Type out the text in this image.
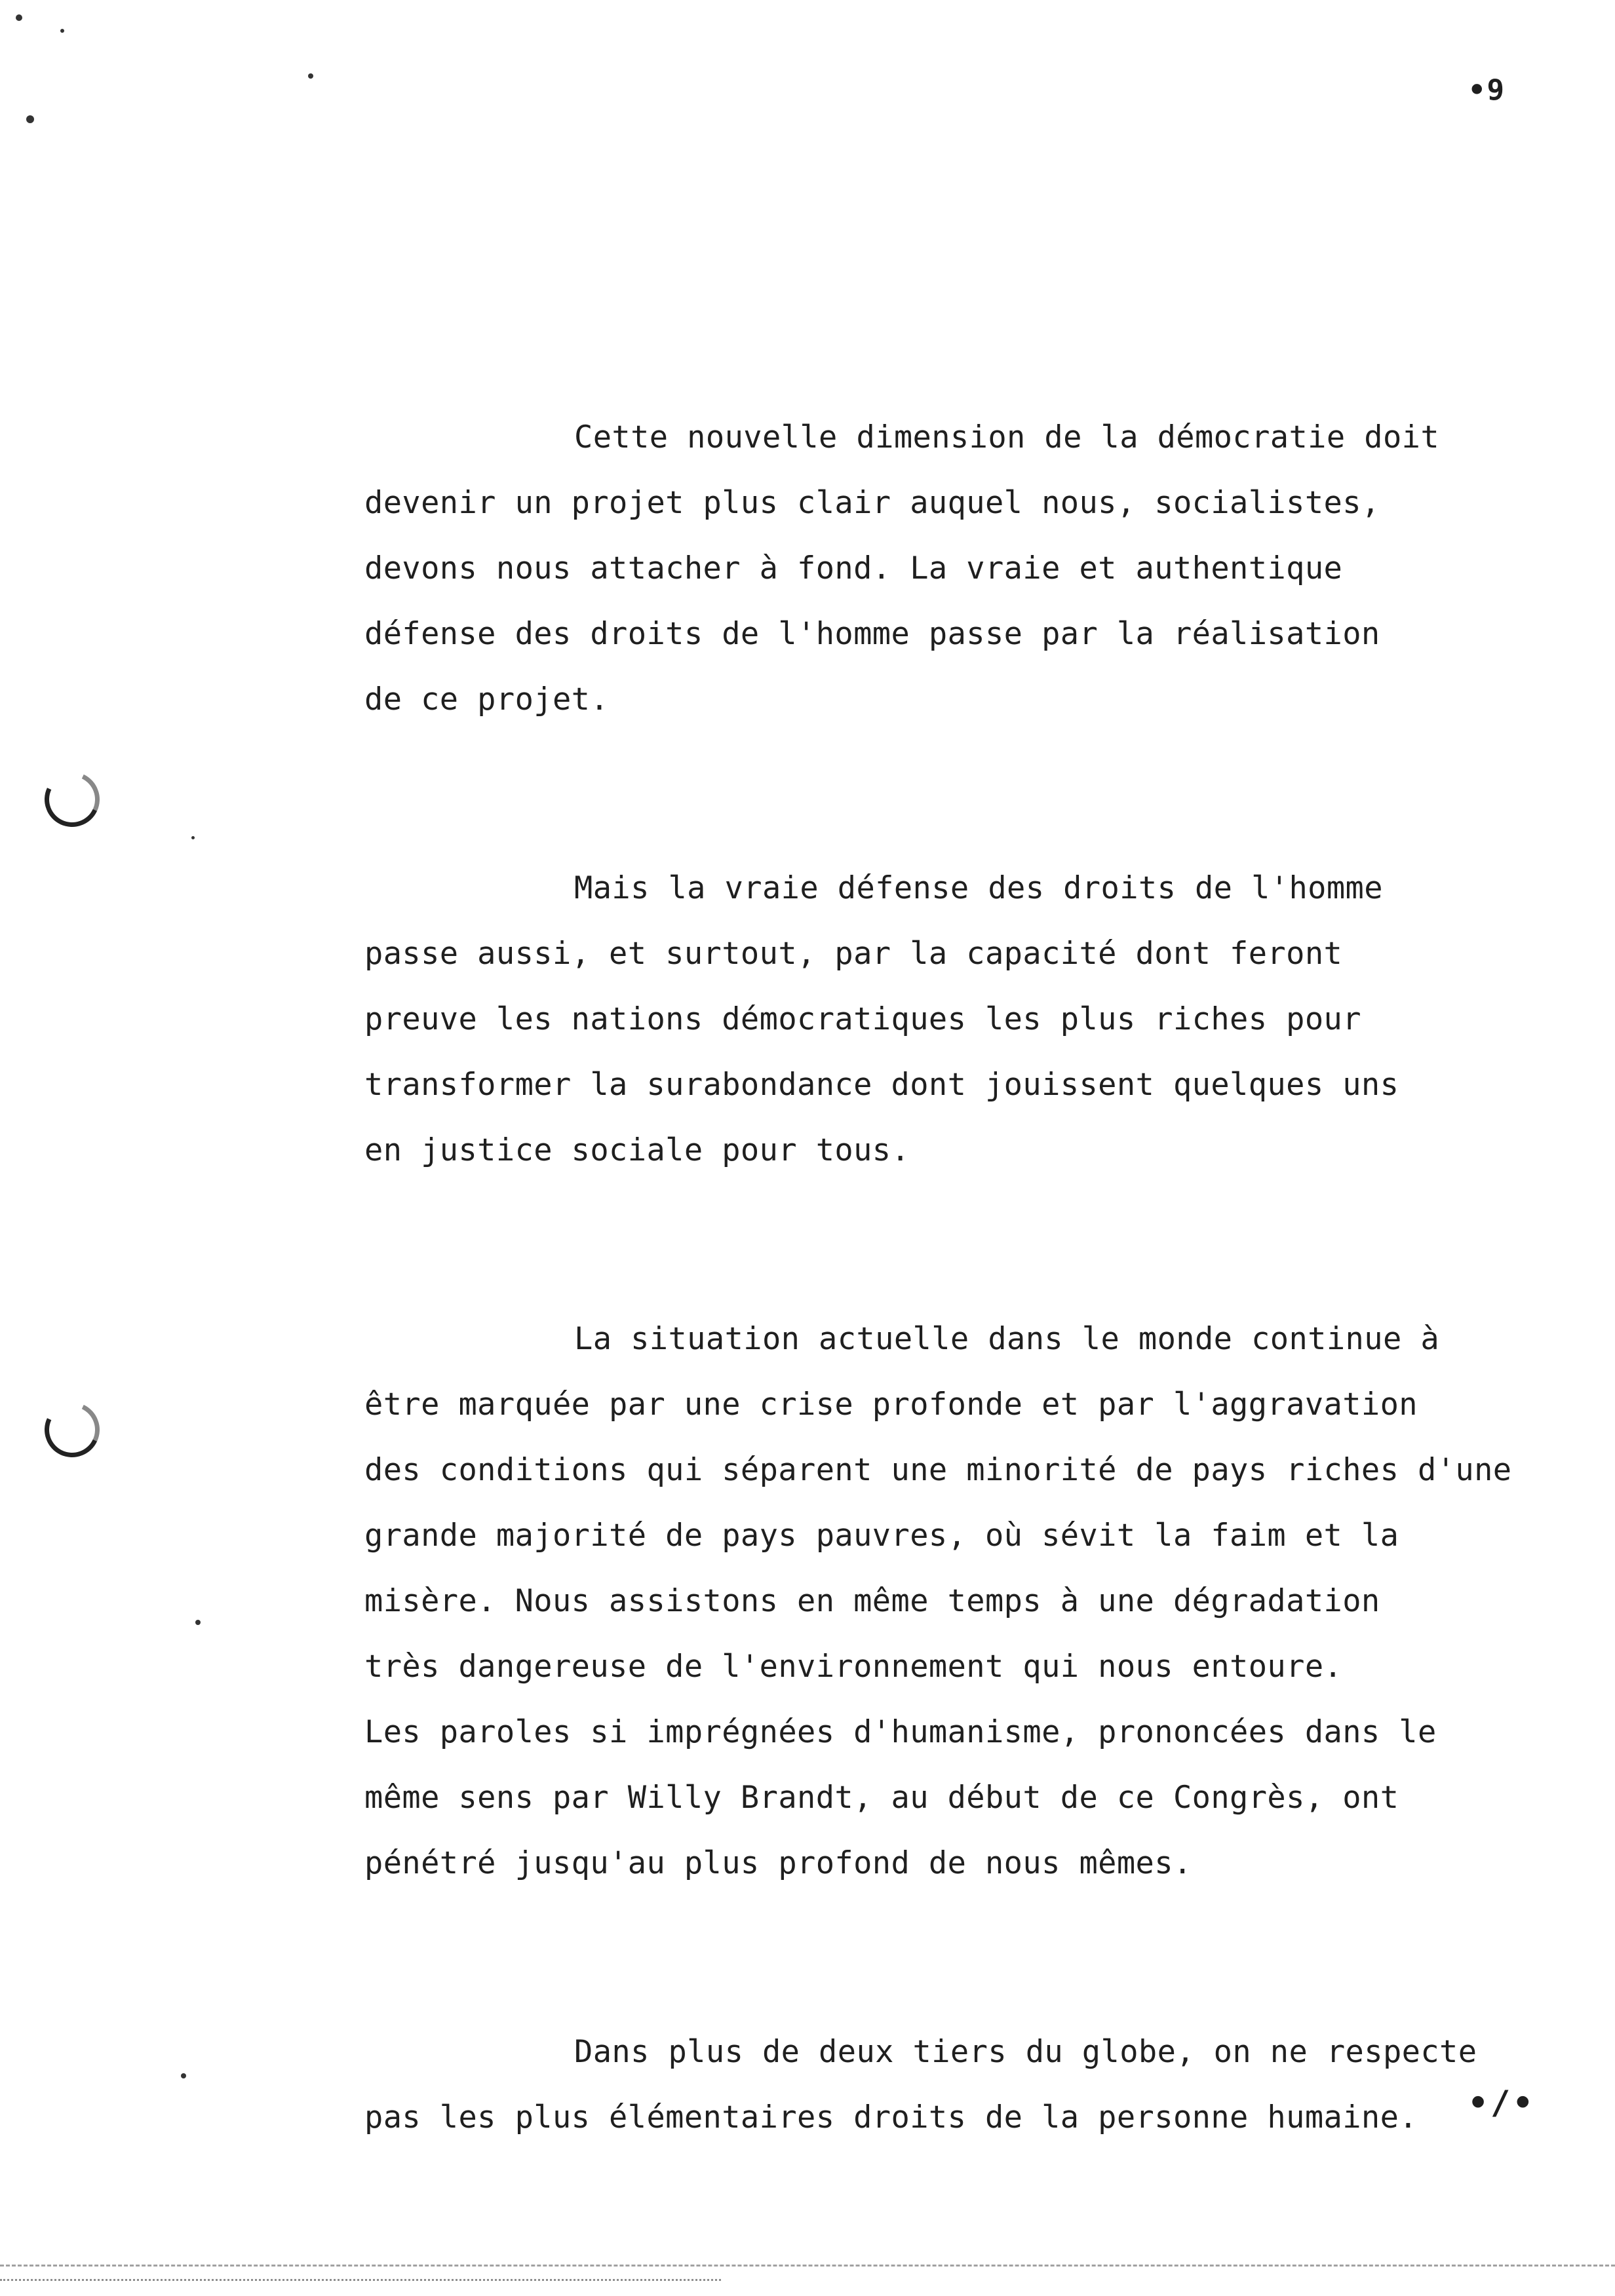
•9
Cette nouvelle dimension de la démocratie doit
devenir un projet plus clair auquel nous, socialistes,
devons nous attacher à fond. La vraie et authentique
défense des droits de l'homme passe par la réalisation
de ce projet.
Mais la vraie défense des droits de l'homme
passe aussi, et surtout, par la capacité dont feront
preuve les nations démocratiques les plus riches pour
transformer la surabondance dont jouissent quelques uns
en justice sociale pour tous.
La situation actuelle dans le monde continue à
être marquée par une crise profonde et par l'aggravation
des conditions qui séparent une minorité de pays riches d'une
grande majorité de pays pauvres, où sévit la faim et la
misère. Nous assistons en même temps à une dégradation
très dangereuse de l'environnement qui nous entoure.
Les paroles si imprégnées d'humanisme, prononcées dans le
même sens par Willy Brandt, au début de ce Congrès, ont
pénétré jusqu'au plus profond de nous mêmes.
Dans plus de deux tiers du globe, on ne respecte
pas les plus élémentaires droits de la personne humaine.	•/•
